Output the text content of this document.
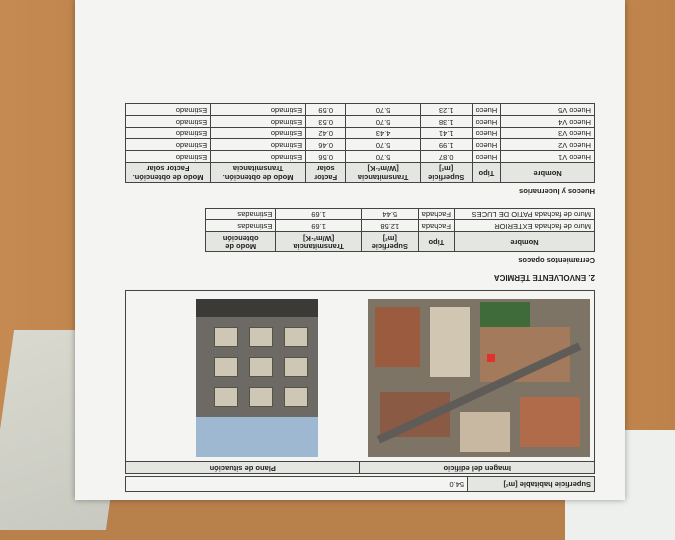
Superficie habitable [m²]	54.0
Imagen del edificio	Plano de situación

2. ENVOLVENTE TÉRMICA
Cerramientos opacos
Nombre	Tipo	Superficie [m²]	Transmitancia [W/m²·K]	Modo de obtención
Muro de fachada EXTERIOR	Fachada	12.58	1.69	Estimadas
Muro de fachada PATIO DE LUCES	Fachada	5.44	1.69	Estimadas
Huecos y lucernarios
Nombre	Tipo	Superficie [m²]	Transmitancia [W/m²·K]	Factor solar	Modo de obtención. Transmitancia	Modo de obtención. Factor solar
Hueco V1	Hueco	0.87	5.70	0.56	Estimado	Estimado
Hueco V2	Hueco	1.99	5.70	0.46	Estimado	Estimado
Hueco V3	Hueco	1.41	4.43	0.42	Estimado	Estimado
Hueco V4	Hueco	1.38	5.70	0.53	Estimado	Estimado
Hueco V5	Hueco	1.23	5.70	0.59	Estimado	Estimado
